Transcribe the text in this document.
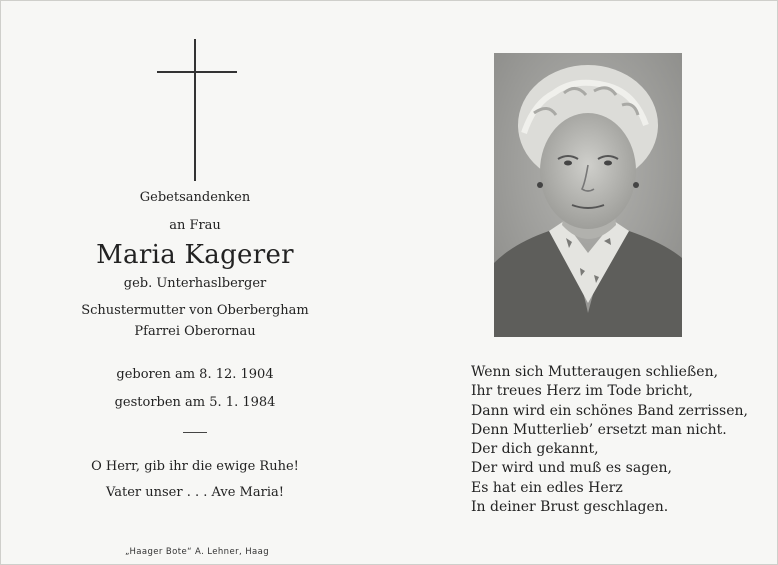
Gebetsandenken
an Frau
Maria Kagerer
geb. Unterhaslberger
Schustermutter von Oberbergham
Pfarrei Oberornau
geboren am 8. 12. 1904
gestorben am 5. 1. 1984
O Herr, gib ihr die ewige Ruhe!
Vater unser . . . Ave Maria!
„Haager Bote“ A. Lehner, Haag
Wenn sich Mutteraugen schließen,
Ihr treues Herz im Tode bricht,
Dann wird ein schönes Band zerrissen,
Denn Mutterlieb’ ersetzt man nicht.
Der dich gekannt,
Der wird und muß es sagen,
Es hat ein edles Herz
In deiner Brust geschlagen.
